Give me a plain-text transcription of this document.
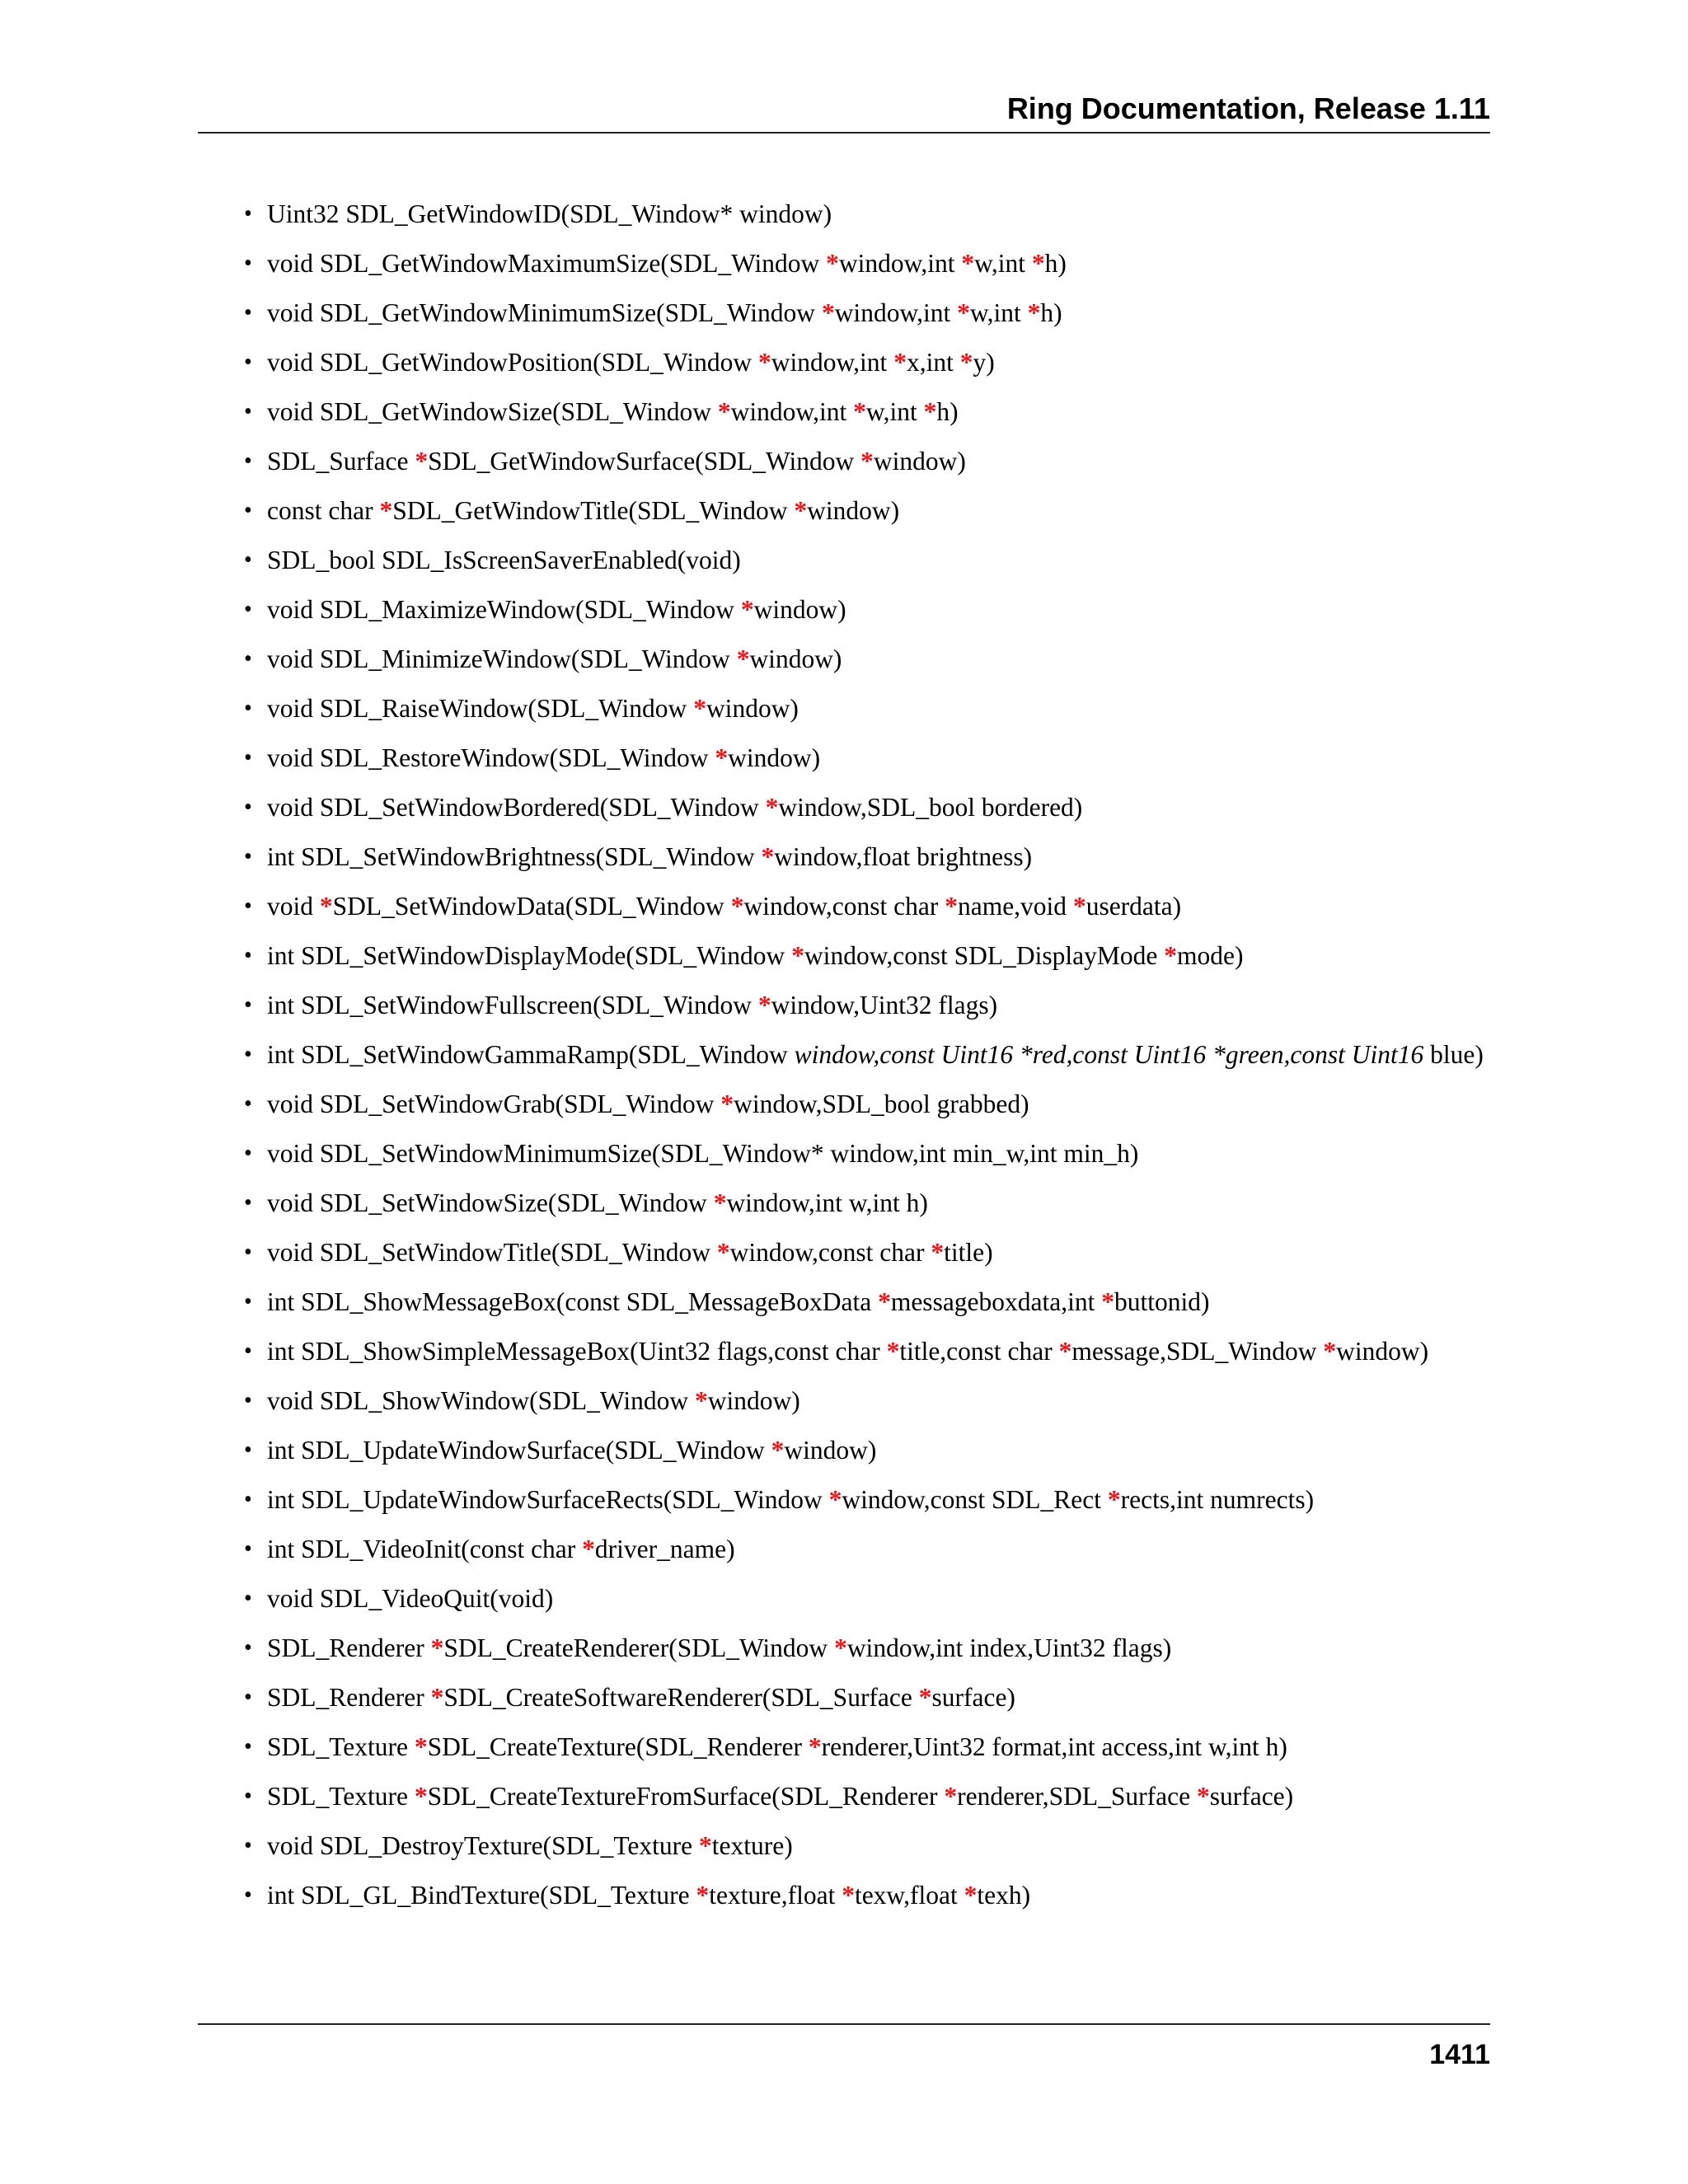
Ring Documentation, Release 1.11
• Uint32 SDL_GetWindowID(SDL_Window* window)
• void SDL_GetWindowMaximumSize(SDL_Window *window,int *w,int *h)
• void SDL_GetWindowMinimumSize(SDL_Window *window,int *w,int *h)
• void SDL_GetWindowPosition(SDL_Window *window,int *x,int *y)
• void SDL_GetWindowSize(SDL_Window *window,int *w,int *h)
• SDL_Surface *SDL_GetWindowSurface(SDL_Window *window)
• const char *SDL_GetWindowTitle(SDL_Window *window)
• SDL_bool SDL_IsScreenSaverEnabled(void)
• void SDL_MaximizeWindow(SDL_Window *window)
• void SDL_MinimizeWindow(SDL_Window *window)
• void SDL_RaiseWindow(SDL_Window *window)
• void SDL_RestoreWindow(SDL_Window *window)
• void SDL_SetWindowBordered(SDL_Window *window,SDL_bool bordered)
• int SDL_SetWindowBrightness(SDL_Window *window,float brightness)
• void *SDL_SetWindowData(SDL_Window *window,const char *name,void *userdata)
• int SDL_SetWindowDisplayMode(SDL_Window *window,const SDL_DisplayMode *mode)
• int SDL_SetWindowFullscreen(SDL_Window *window,Uint32 flags)
• int SDL_SetWindowGammaRamp(SDL_Window window,const Uint16 *red,const Uint16 *green,const Uint16 blue)
• void SDL_SetWindowGrab(SDL_Window *window,SDL_bool grabbed)
• void SDL_SetWindowMinimumSize(SDL_Window* window,int min_w,int min_h)
• void SDL_SetWindowSize(SDL_Window *window,int w,int h)
• void SDL_SetWindowTitle(SDL_Window *window,const char *title)
• int SDL_ShowMessageBox(const SDL_MessageBoxData *messageboxdata,int *buttonid)
• int SDL_ShowSimpleMessageBox(Uint32 flags,const char *title,const char *message,SDL_Window *window)
• void SDL_ShowWindow(SDL_Window *window)
• int SDL_UpdateWindowSurface(SDL_Window *window)
• int SDL_UpdateWindowSurfaceRects(SDL_Window *window,const SDL_Rect *rects,int numrects)
• int SDL_VideoInit(const char *driver_name)
• void SDL_VideoQuit(void)
• SDL_Renderer *SDL_CreateRenderer(SDL_Window *window,int index,Uint32 flags)
• SDL_Renderer *SDL_CreateSoftwareRenderer(SDL_Surface *surface)
• SDL_Texture *SDL_CreateTexture(SDL_Renderer *renderer,Uint32 format,int access,int w,int h)
• SDL_Texture *SDL_CreateTextureFromSurface(SDL_Renderer *renderer,SDL_Surface *surface)
• void SDL_DestroyTexture(SDL_Texture *texture)
• int SDL_GL_BindTexture(SDL_Texture *texture,float *texw,float *texh)
1411
